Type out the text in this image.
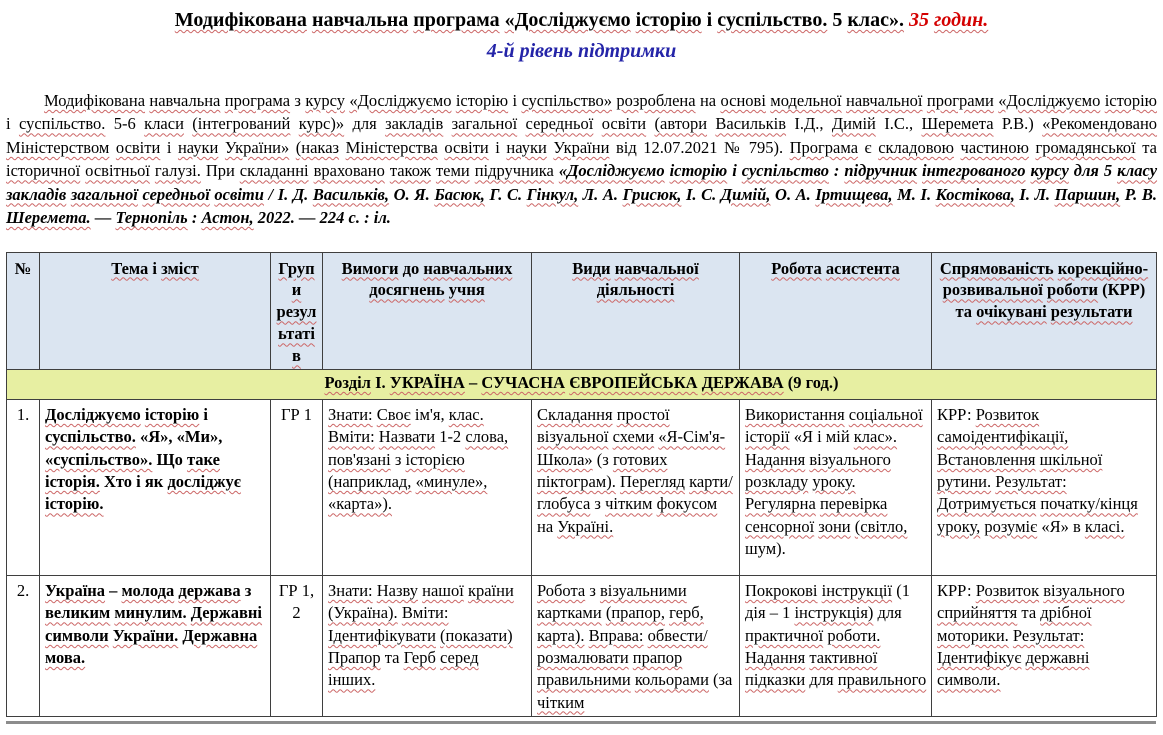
Модифікована навчальна програма «Досліджуємо історію і суспільство. 5 клас». 35 годин.
4-й рівень підтримки
Модифікована навчальна програма з курсу «Досліджуємо історію і суспільство» розроблена на основі модельної навчальної програми «Досліджуємо історію і суспільство. 5-6 класи (інтегрований курс)» для закладів загальної середньої освіти (автори Васильків І.Д., Димій І.С., Шеремета Р.В.) «Рекомендовано Міністерством освіти і науки України» (наказ Міністерства освіти і науки України від 12.07.2021 № 795). Програма є складовою частиною громадянської та історичної освітньої галузі. При складанні враховано також теми підручника «Досліджуємо історію і суспільство : підручник інтегрованого курсу для 5 класу закладів загальної середньої освіти / І. Д. Васильків, О. Я. Басюк, Г. С. Гінкул, Л. А. Грисюк, І. С. Димій, О. А. Іртищева, М. І. Костікова, І. Л. Паршин, Р. В. Шеремета. — Тернопіль : Астон, 2022. — 224 с. : іл.
№	Тема і зміст	Групи результатів	Вимоги до навчальних досягнень учня	Види навчальної діяльності	Робота асистента	Спрямованість корекційно-розвивальної роботи (КРР) та очікувані результати
Розділ І. УКРАЇНА – СУЧАСНА ЄВРОПЕЙСЬКА ДЕРЖАВА (9 год.)						
1.	Досліджуємо історію і суспільство. «Я», «Ми», «суспільство». Що таке історія. Хто і як досліджує історію.	ГР 1	Знати: Своє ім'я, клас. Вміти: Назвати 1-2 слова, пов'язані з історією (наприклад, «минуле», «карта»).	Складання простої візуальної схеми «Я-Сім'я-Школа» (з готових піктограм). Перегляд карти/глобуса з чітким фокусом на Україні.	Використання соціальної історії «Я і мій клас». Надання візуального розкладу уроку. Регулярна перевірка сенсорної зони (світло, шум).	КРР: Розвиток самоідентифікації, Встановлення шкільної рутини. Результат: Дотримується початку/кінця уроку, розуміє «Я» в класі.
2.	Україна – молода держава з великим минулим. Державні символи України. Державна мова.	ГР 1, 2	Знати: Назву нашої країни (Україна). Вміти: Ідентифікувати (показати) Прапор та Герб серед інших.	Робота з візуальними картками (прапор, герб, карта). Вправа: обвести/розмалювати прапор правильними кольорами (за чітким	Покрокові інструкції (1 дія – 1 інструкція) для практичної роботи. Надання тактивної підказки для правильного	КРР: Розвиток візуального сприйняття та дрібної моторики. Результат: Ідентифікує державні символи.
